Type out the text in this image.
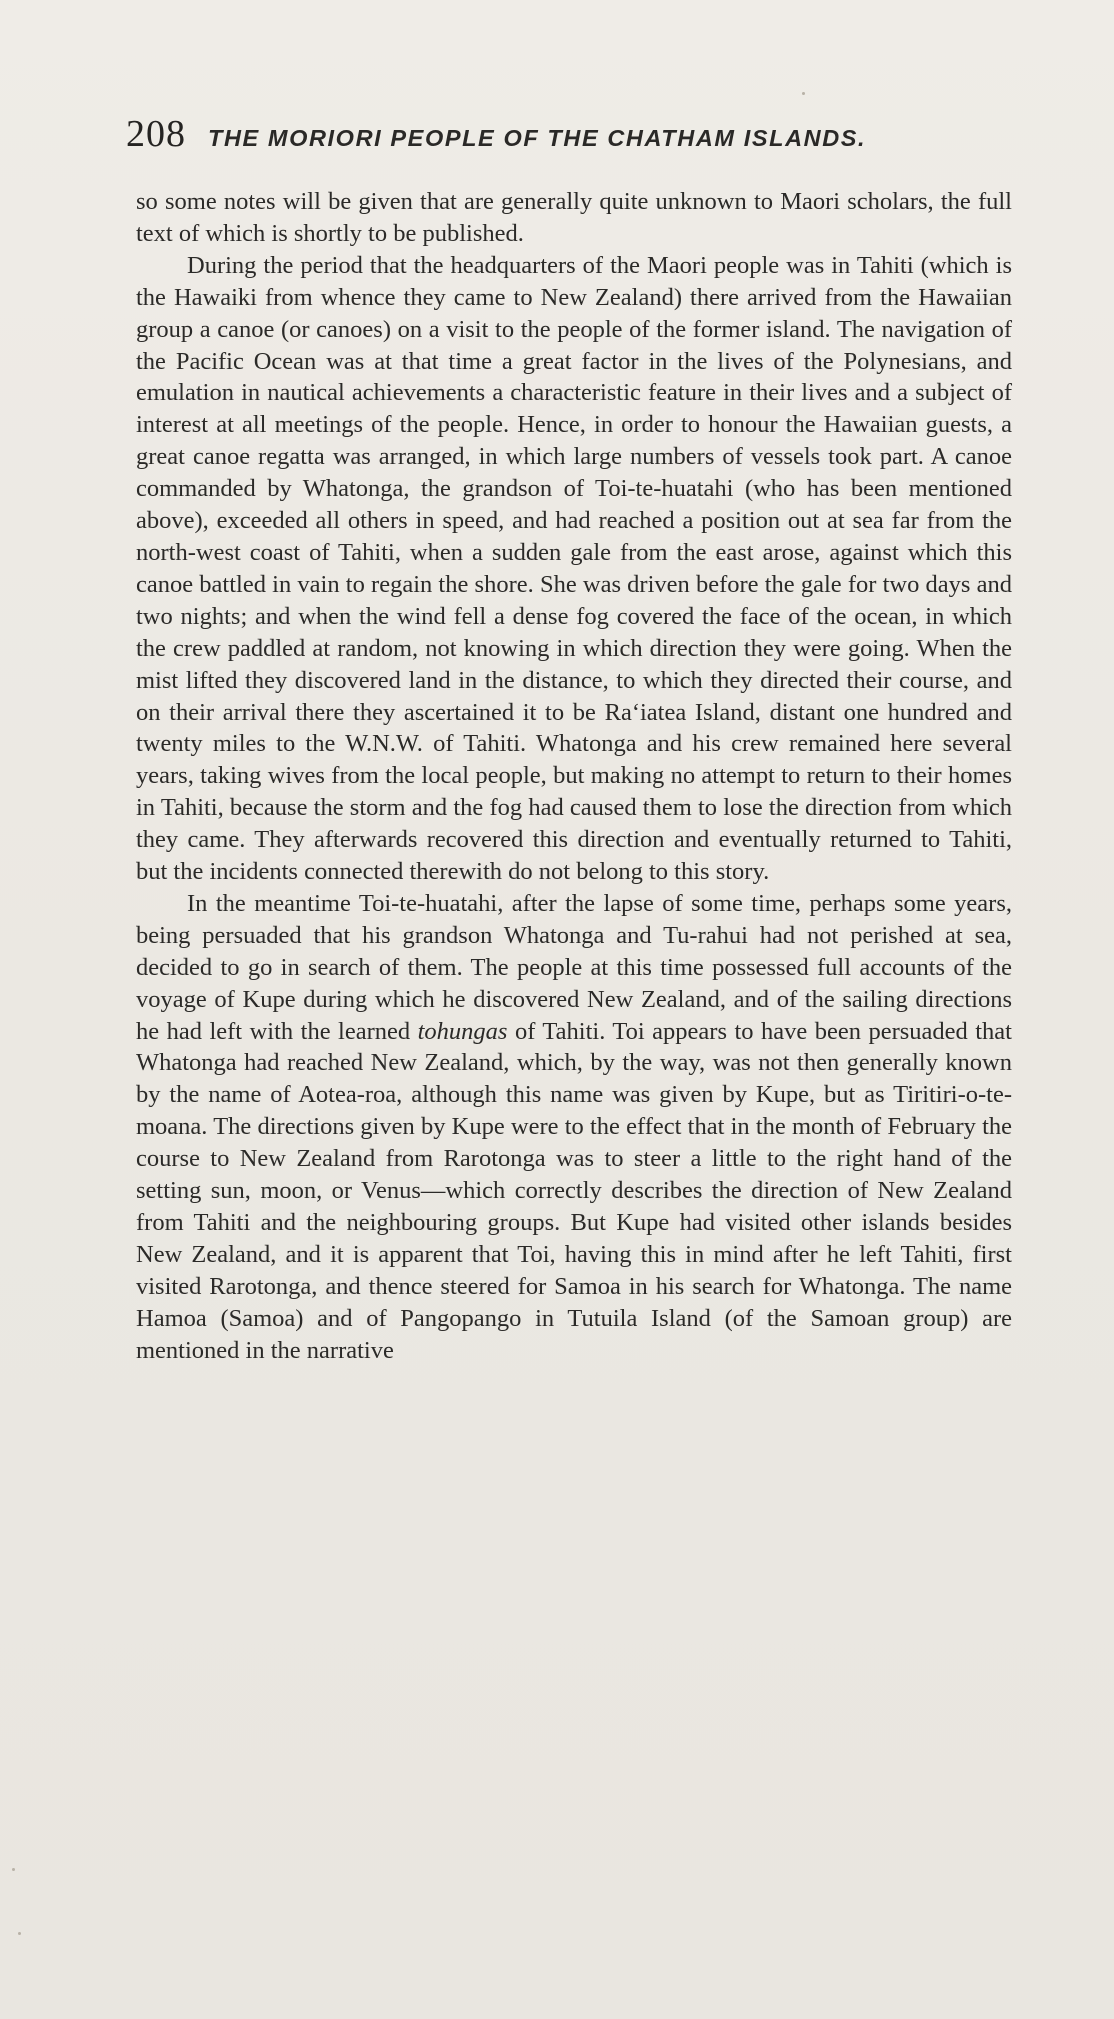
208 THE MORIORI PEOPLE OF THE CHATHAM ISLANDS.

so some notes will be given that are generally quite unknown to Maori scholars, the full text of which is shortly to be published.

During the period that the headquarters of the Maori people was in Tahiti (which is the Hawaiki from whence they came to New Zealand) there arrived from the Hawaiian group a canoe (or canoes) on a visit to the people of the former island. The navigation of the Pacific Ocean was at that time a great factor in the lives of the Polynesians, and emulation in nautical achievements a characteristic feature in their lives and a subject of interest at all meetings of the people. Hence, in order to honour the Hawaiian guests, a great canoe regatta was arranged, in which large numbers of vessels took part. A canoe commanded by Whatonga, the grandson of Toi-te-huatahi (who has been mentioned above), exceeded all others in speed, and had reached a position out at sea far from the north-west coast of Tahiti, when a sudden gale from the east arose, against which this canoe battled in vain to regain the shore. She was driven before the gale for two days and two nights; and when the wind fell a dense fog covered the face of the ocean, in which the crew paddled at random, not knowing in which direction they were going. When the mist lifted they discovered land in the distance, to which they directed their course, and on their arrival there they ascertained it to be Ra‘iatea Island, distant one hundred and twenty miles to the W.N.W. of Tahiti. Whatonga and his crew remained here several years, taking wives from the local people, but making no attempt to return to their homes in Tahiti, because the storm and the fog had caused them to lose the direction from which they came. They afterwards recovered this direction and eventually returned to Tahiti, but the incidents connected therewith do not belong to this story.

In the meantime Toi-te-huatahi, after the lapse of some time, perhaps some years, being persuaded that his grandson Whatonga and Tu-rahui had not perished at sea, decided to go in search of them. The people at this time possessed full accounts of the voyage of Kupe during which he discovered New Zealand, and of the sailing directions he had left with the learned tohungas of Tahiti. Toi appears to have been persuaded that Whatonga had reached New Zealand, which, by the way, was not then generally known by the name of Aotea-roa, although this name was given by Kupe, but as Tiritiri-o-te-moana. The directions given by Kupe were to the effect that in the month of February the course to New Zealand from Rarotonga was to steer a little to the right hand of the setting sun, moon, or Venus—which correctly describes the direction of New Zealand from Tahiti and the neighbouring groups. But Kupe had visited other islands besides New Zealand, and it is apparent that Toi, having this in mind after he left Tahiti, first visited Rarotonga, and thence steered for Samoa in his search for Whatonga. The name Hamoa (Samoa) and of Pangopango in Tutuila Island (of the Samoan group) are mentioned in the narrative
